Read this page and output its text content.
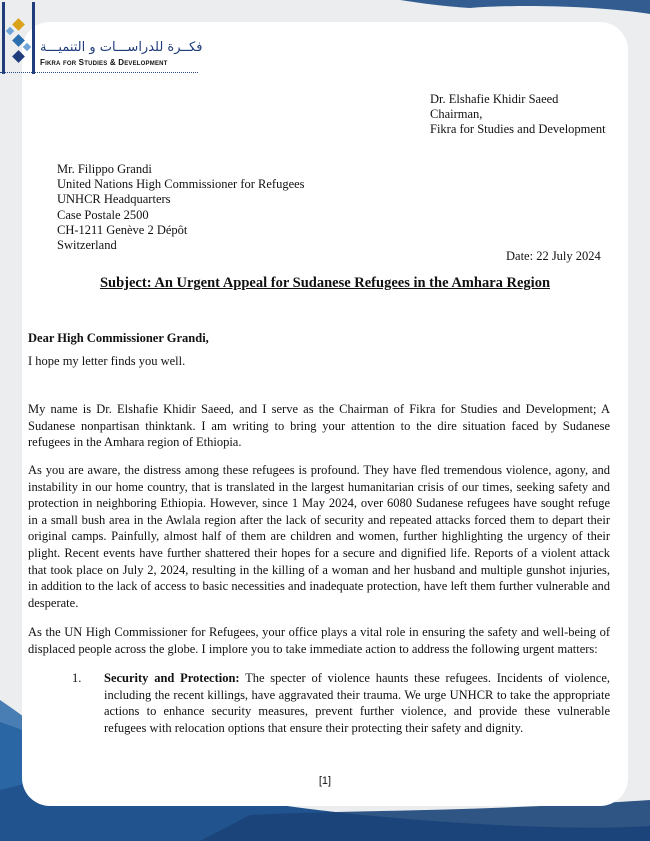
فكــرة للدراســـات و التنميـــة
Fikra for Studies & Development
Dr. Elshafie Khidir Saeed
Chairman,
Fikra for Studies and Development
Mr. Filippo Grandi
United Nations High Commissioner for Refugees
UNHCR Headquarters
Case Postale 2500
CH-1211 Genève 2 Dépôt
Switzerland
Date: 22 July 2024
Subject: An Urgent Appeal for Sudanese Refugees in the Amhara Region
Dear High Commissioner Grandi,
I hope my letter finds you well.
My name is Dr. Elshafie Khidir Saeed, and I serve as the Chairman of Fikra for Studies and Development; A Sudanese nonpartisan thinktank. I am writing to bring your attention to the dire situation faced by Sudanese refugees in the Amhara region of Ethiopia.
As you are aware, the distress among these refugees is profound. They have fled tremendous violence, agony, and instability in our home country, that is translated in the largest humanitarian crisis of our times, seeking safety and protection in neighboring Ethiopia. However, since 1 May 2024, over 6080 Sudanese refugees have sought refuge in a small bush area in the Awlala region after the lack of security and repeated attacks forced them to depart their original camps. Painfully, almost half of them are children and women, further highlighting the urgency of their plight. Recent events have further shattered their hopes for a secure and dignified life. Reports of a violent attack that took place on July 2, 2024, resulting in the killing of a woman and her husband and multiple gunshot injuries, in addition to the lack of access to basic necessities and inadequate protection, have left them further vulnerable and desperate.
As the UN High Commissioner for Refugees, your office plays a vital role in ensuring the safety and well-being of displaced people across the globe. I implore you to take immediate action to address the following urgent matters:
1. Security and Protection: The specter of violence haunts these refugees. Incidents of violence, including the recent killings, have aggravated their trauma. We urge UNHCR to take the appropriate actions to enhance security measures, prevent further violence, and provide these vulnerable refugees with relocation options that ensure their protecting their safety and dignity.
[1]
